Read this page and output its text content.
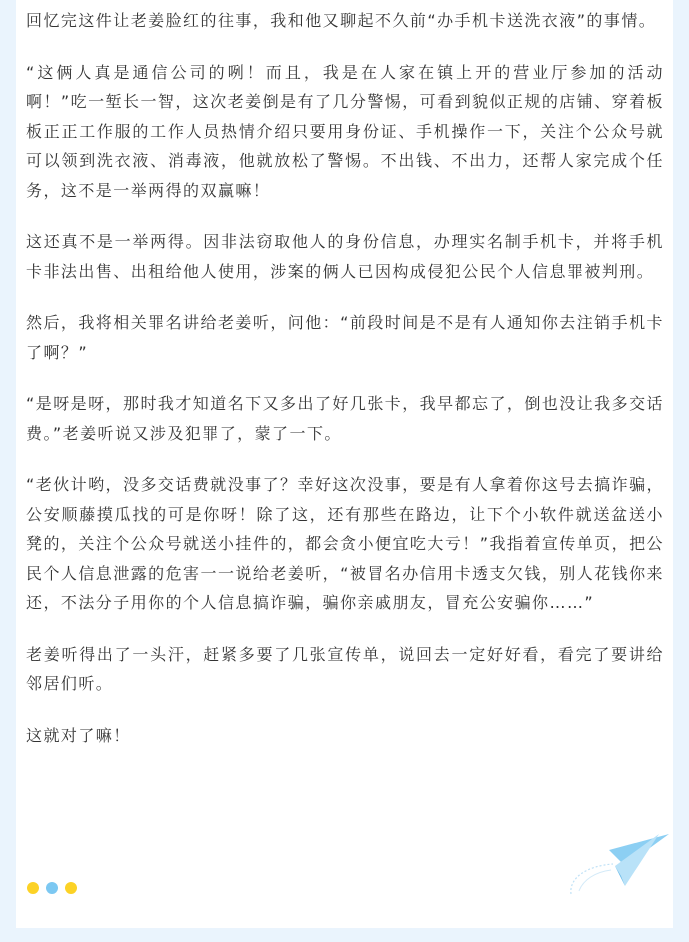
回忆完这件让老姜脸红的往事，我和他又聊起不久前“办手机卡送洗衣液”的事情。

“这俩人真是通信公司的咧！而且，我是在人家在镇上开的营业厅参加的活动啊！”吃一堑长一智，这次老姜倒是有了几分警惕，可看到貌似正规的店铺、穿着板板正正工作服的工作人员热情介绍只要用身份证、手机操作一下，关注个公众号就可以领到洗衣液、消毒液，他就放松了警惕。不出钱、不出力，还帮人家完成个任务，这不是一举两得的双赢嘛！

这还真不是一举两得。因非法窃取他人的身份信息，办理实名制手机卡，并将手机卡非法出售、出租给他人使用，涉案的俩人已因构成侵犯公民个人信息罪被判刑。

然后，我将相关罪名讲给老姜听，问他：“前段时间是不是有人通知你去注销手机卡了啊？”

“是呀是呀，那时我才知道名下又多出了好几张卡，我早都忘了，倒也没让我多交话费。”老姜听说又涉及犯罪了，蒙了一下。

“老伙计哟，没多交话费就没事了？幸好这次没事，要是有人拿着你这号去搞诈骗，公安顺藤摸瓜找的可是你呀！除了这，还有那些在路边，让下个小软件就送盆送小凳的，关注个公众号就送小挂件的，都会贪小便宜吃大亏！”我指着宣传单页，把公民个人信息泄露的危害一一说给老姜听，“被冒名办信用卡透支欠钱，别人花钱你来还，不法分子用你的个人信息搞诈骗，骗你亲戚朋友，冒充公安骗你……”

老姜听得出了一头汗，赶紧多要了几张宣传单，说回去一定好好看，看完了要讲给邻居们听。

这就对了嘛！
